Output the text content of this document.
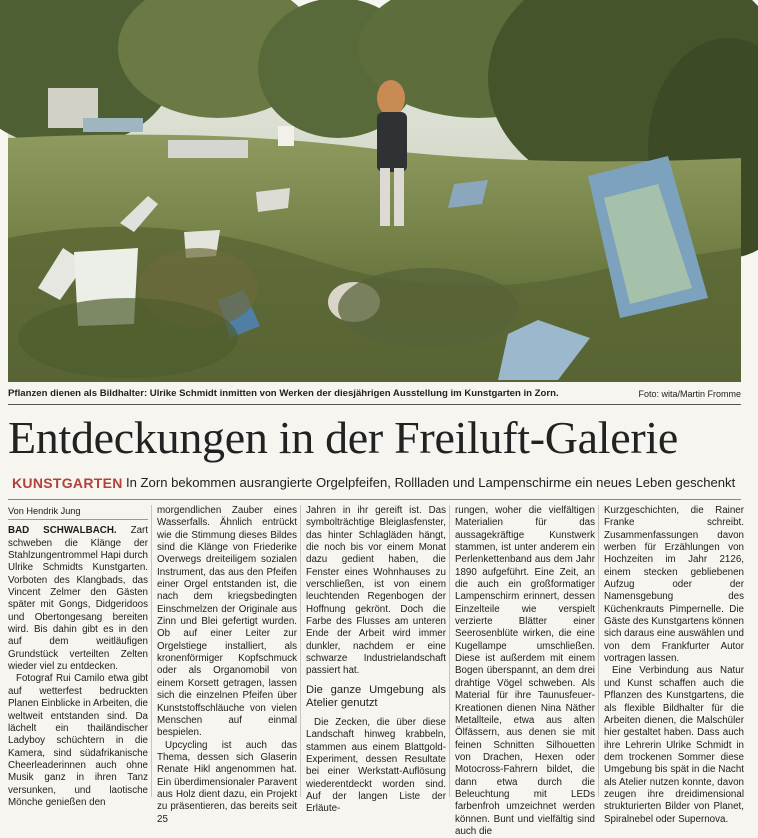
Pflanzen dienen als Bildhalter: Ulrike Schmidt inmitten von Werken der diesjährigen Ausstellung im Kunstgarten in Zorn.	Foto: wita/Martin Fromme
Entdeckungen in der Freiluft-Galerie
KUNSTGARTEN In Zorn bekommen ausrangierte Orgelpfeifen, Rollladen und Lampenschirme ein neues Leben geschenkt
Von Hendrik Jung

BAD SCHWALBACH. Zart schweben die Klänge der Stahlzungentrommel Hapi durch Ulrike Schmidts Kunstgarten. Vorboten des Klangbads, das Vincent Zelmer den Gästen später mit Gongs, Didgeridoos und Obertongesang bereiten wird. Bis dahin gibt es in den auf dem weitläufigen Grundstück verteilten Zelten wieder viel zu entdecken.

Fotograf Rui Camilo etwa gibt auf wetterfest bedruckten Planen Einblicke in Arbeiten, die weltweit entstanden sind. Da lächelt ein thailändischer Ladyboy schüchtern in die Kamera, sind südafrikanische Cheerleaderinnen auch ohne Musik ganz in ihren Tanz versunken, und laotische Mönche genießen den

morgendlichen Zauber eines Wasserfalls. Ähnlich entrückt wie die Stimmung dieses Bildes sind die Klänge von Friederike Overwegs dreiteiligem sozialen Instrument, das aus den Pfeifen einer Orgel entstanden ist, die nach dem kriegsbedingten Einschmelzen der Originale aus Zinn und Blei gefertigt wurden. Ob auf einer Leiter zur Orgelstiege installiert, als kronenförmiger Kopfschmuck oder als Organomobil von einem Korsett getragen, lassen sich die einzelnen Pfeifen über Kunststoffschläuche von vielen Menschen auf einmal bespielen.

Upcycling ist auch das Thema, dessen sich Glaserin Renate Hikl angenommen hat. Ein überdimensionaler Paravent aus Holz dient dazu, ein Projekt zu präsentieren, das bereits seit 25

Jahren in ihr gereift ist. Das symbolträchtige Bleiglasfenster, das hinter Schlagläden hängt, die noch bis vor einem Monat dazu gedient haben, die Fenster eines Wohnhauses zu verschließen, ist von einem leuchtenden Regenbogen der Hoffnung gekrönt. Doch die Farbe des Flusses am unteren Ende der Arbeit wird immer dunkler, nachdem er eine schwarze Industrielandschaft passiert hat.

Die ganze Umgebung als Atelier genutzt

Die Zecken, die über diese Landschaft hinweg krabbeln, stammen aus einem Blattgold-Experiment, dessen Resultate bei einer Werkstatt-Auflösung wiederentdeckt worden sind. Auf der langen Liste der Erläute-

rungen, woher die vielfältigen Materialien für das aussagekräftige Kunstwerk stammen, ist unter anderem ein Perlenkettenband aus dem Jahr 1890 aufgeführt. Eine Zeit, an die auch ein großformatiger Lampenschirm erinnert, dessen Einzelteile wie verspielt verzierte Blätter einer Seerosenblüte wirken, die eine Kugellampe umschließen. Diese ist außerdem mit einem Bogen überspannt, an dem drei drahtige Vögel schweben. Als Material für ihre Taunusfeuer-Kreationen dienen Nina Näther Metallteile, etwa aus alten Ölfässern, aus denen sie mit feinen Schnitten Silhouetten von Drachen, Hexen oder Motocross-Fahrern bildet, die dann etwa durch die Beleuchtung mit LEDs farbenfroh umzeichnet werden können. Bunt und vielfältig sind auch die

Kurzgeschichten, die Rainer Franke schreibt. Zusammenfassungen davon werben für Erzählungen von Hochzeiten im Jahr 2126, einem stecken gebliebenen Aufzug oder der Namensgebung des Küchenkrauts Pimpernelle. Die Gäste des Kunstgartens können sich daraus eine auswählen und von dem Frankfurter Autor vortragen lassen.

Eine Verbindung aus Natur und Kunst schaffen auch die Pflanzen des Kunstgartens, die als flexible Bildhalter für die Arbeiten dienen, die Malschüler hier gestaltet haben. Dass auch ihre Lehrerin Ulrike Schmidt in dem trockenen Sommer diese Umgebung bis spät in die Nacht als Atelier nutzen konnte, davon zeugen ihre dreidimensional strukturierten Bilder von Planet, Spiralnebel oder Supernova.
